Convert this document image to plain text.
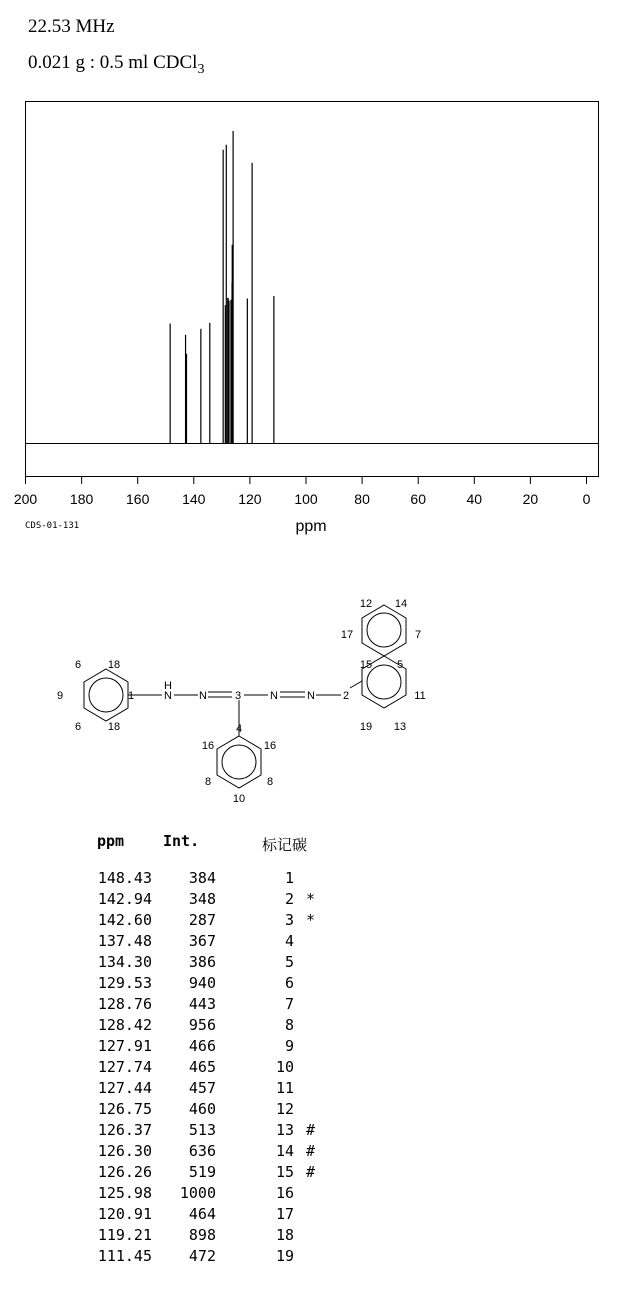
22.53 MHz
0.021 g : 0.5 ml CDCl$_3$
200 180 160 140 120 100	80	60	40	20	0
ppm
CDS-01-131
6 18
9	1
6 18
H
N N	3	N	N	2
4
16	16
8	8
10
12 14
17	7
15 5
11
19 13
ppm	Int.	标记碳
148.43	384	1
142.94	348	2 *
142.60	287	3 *
137.48	367	4
134.30	386	5
129.53	940	6
128.76	443	7
128.42	956	8
127.91	466	9
127.74	465	10
127.44	457	11
126.75	460	12
126.37	513	13 #
126.30	636	14 #
126.26	519	15 #
125.98	1000	16
120.91	464	17
119.21	898	18
111.45	472	19
